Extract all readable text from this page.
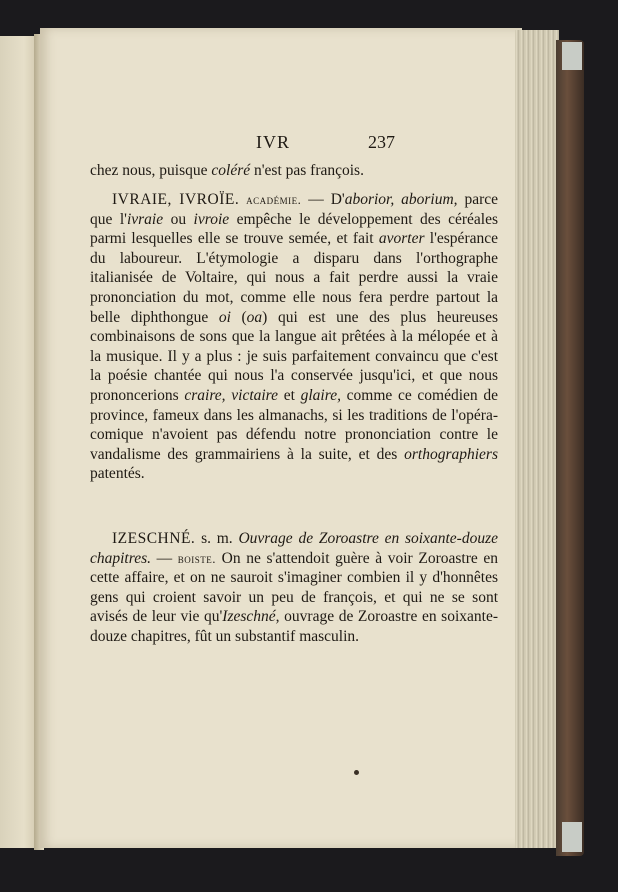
IVR	237
chez nous, puisque coléré n'est pas françois.
IVRAIE, IVROÏE. académie. — D'aborior, aborium, parce que l'ivraie ou ivroie empêche le développement des céréales parmi lesquelles elle se trouve semée, et fait avorter l'espérance du laboureur. L'étymologie a disparu dans l'orthographe italianisée de Voltaire, qui nous a fait perdre aussi la vraie prononciation du mot, comme elle nous fera perdre partout la belle diphthongue oi (oa) qui est une des plus heureuses combinaisons de sons que la langue ait prêtées à la mélopée et à la musique. Il y a plus : je suis parfaitement convaincu que c'est la poésie chantée qui nous l'a conservée jusqu'ici, et que nous prononcerions craire, victaire et glaire, comme ce comédien de province, fameux dans les almanachs, si les traditions de l'opéra-comique n'avoient pas défendu notre prononciation contre le vandalisme des grammairiens à la suite, et des orthographiers patentés.
IZESCHNÉ. s. m. Ouvrage de Zoroastre en soixante-douze chapitres. — boiste. On ne s'attendoit guère à voir Zoroastre en cette affaire, et on ne sauroit s'imaginer combien il y d'honnêtes gens qui croient savoir un peu de françois, et qui ne se sont avisés de leur vie qu'Izeschné, ouvrage de Zoroastre en soixante-douze chapitres, fût un substantif masculin.
